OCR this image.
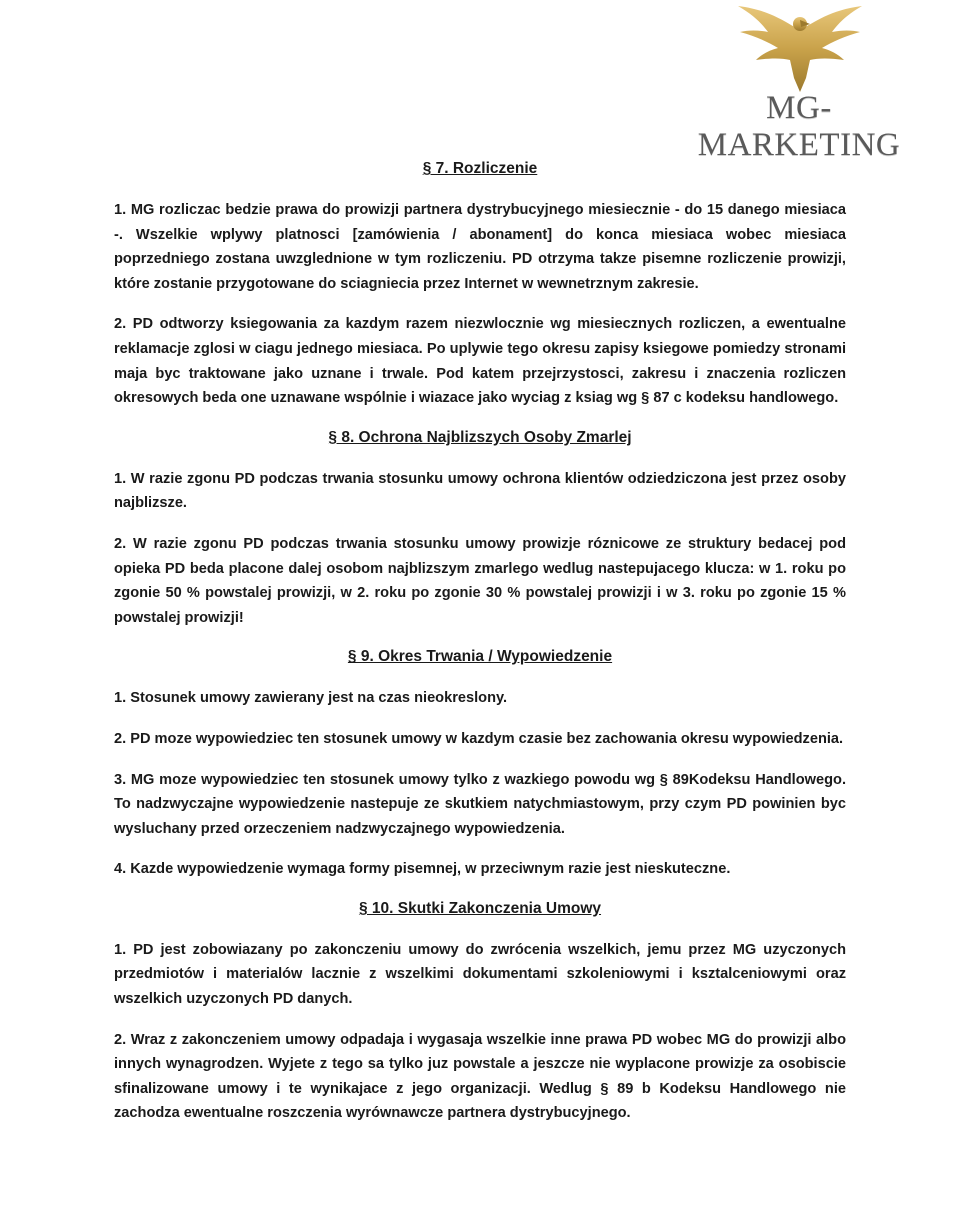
MG-MARKETING
§ 7. Rozliczenie

1. MG rozliczac bedzie prawa do prowizji partnera dystrybucyjnego miesiecznie - do 15 danego miesiaca -. Wszelkie wplywy platnosci [zamówienia / abonament] do konca miesiaca wobec miesiaca poprzedniego zostana uwzglednione w tym rozliczeniu. PD otrzyma takze pisemne rozliczenie prowizji, które zostanie przygotowane do sciagniecia przez Internet w wewnetrznym zakresie.

2. PD odtworzy ksiegowania za kazdym razem niezwlocznie wg miesiecznych rozliczen, a ewentualne reklamacje zglosi w ciagu jednego miesiaca. Po uplywie tego okresu zapisy ksiegowe pomiedzy stronami maja byc traktowane jako uznane i trwale. Pod katem przejrzystosci, zakresu i znaczenia rozliczen okresowych beda one uznawane wspólnie i wiazace jako wyciag z ksiag wg § 87 c kodeksu handlowego.

§ 8. Ochrona Najblizszych Osoby Zmarlej

1. W razie zgonu PD podczas trwania stosunku umowy ochrona klientów odziedziczona jest przez osoby najblizsze.

2. W razie zgonu PD podczas trwania stosunku umowy prowizje róznicowe ze struktury bedacej pod opieka PD beda placone dalej osobom najblizszym zmarlego wedlug nastepujacego klucza: w 1. roku po zgonie 50 % powstalej prowizji, w 2. roku po zgonie 30 % powstalej prowizji i w 3. roku po zgonie 15 % powstalej prowizji!

§ 9. Okres Trwania / Wypowiedzenie

1. Stosunek umowy zawierany jest na czas nieokreslony.

2. PD moze wypowiedziec ten stosunek umowy w kazdym czasie bez zachowania okresu wypowiedzenia.

3. MG moze wypowiedziec ten stosunek umowy tylko z wazkiego powodu wg § 89Kodeksu Handlowego. To nadzwyczajne wypowiedzenie nastepuje ze skutkiem natychmiastowym, przy czym PD powinien byc wysluchany przed orzeczeniem nadzwyczajnego wypowiedzenia.

4. Kazde wypowiedzenie wymaga formy pisemnej, w przeciwnym razie jest nieskuteczne.

§ 10. Skutki Zakonczenia Umowy

1. PD jest zobowiazany po zakonczeniu umowy do zwrócenia wszelkich, jemu przez MG uzyczonych przedmiotów i materialów lacznie z wszelkimi dokumentami szkoleniowymi i ksztalceniowymi oraz wszelkich uzyczonych PD danych.

2. Wraz z zakonczeniem umowy odpadaja i wygasaja wszelkie inne prawa PD wobec MG do prowizji albo innych wynagrodzen. Wyjete z tego sa tylko juz powstale a jeszcze nie wyplacone prowizje za osobiscie sfinalizowane umowy i te wynikajace z jego organizacji. Wedlug § 89 b Kodeksu Handlowego nie zachodza ewentualne roszczenia wyrównawcze partnera dystrybucyjnego.
